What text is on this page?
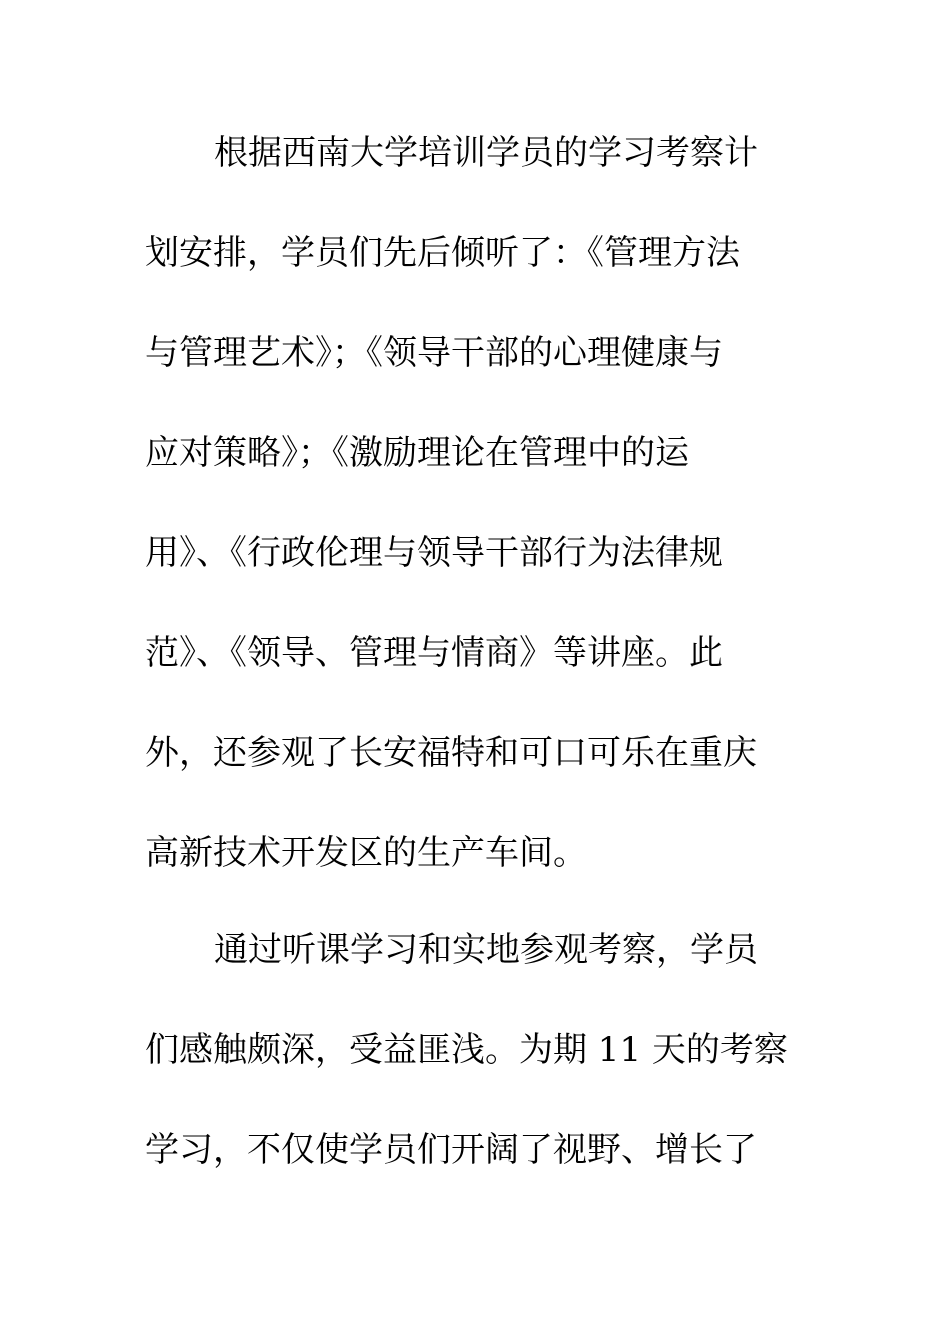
根据西南大学培训学员的学习考察计
划安排，学员们先后倾听了：《管理方法
与管理艺术》；《领导干部的心理健康与
应对策略》；《激励理论在管理中的运
用》、《行政伦理与领导干部行为法律规
范》、《领导、管理与情商》等讲座。此
外，还参观了长安福特和可口可乐在重庆
高新技术开发区的生产车间。
通过听课学习和实地参观考察，学员
们感触颇深，受益匪浅。为期 11 天的考察
学习，不仅使学员们开阔了视野、增长了
